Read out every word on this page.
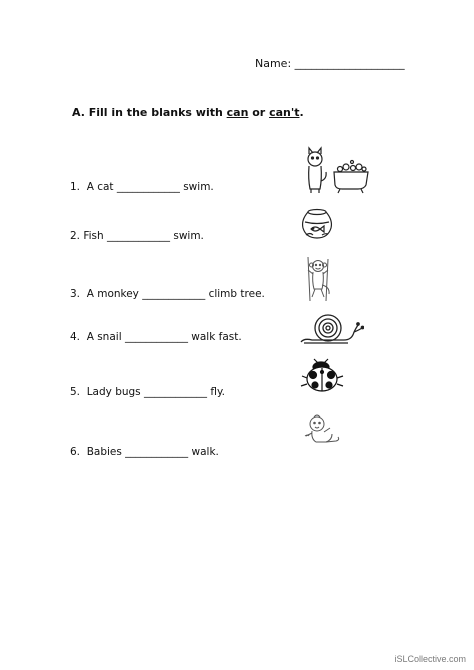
Name: ____________________
A. Fill in the blanks with can or can't.
1.  A cat ____________ swim.
2. Fish ____________ swim.
3.  A monkey ____________ climb tree.
4.  A snail ____________ walk fast.
5.  Lady bugs ____________ fly.
6.  Babies ____________ walk.
iSLCollective.com
